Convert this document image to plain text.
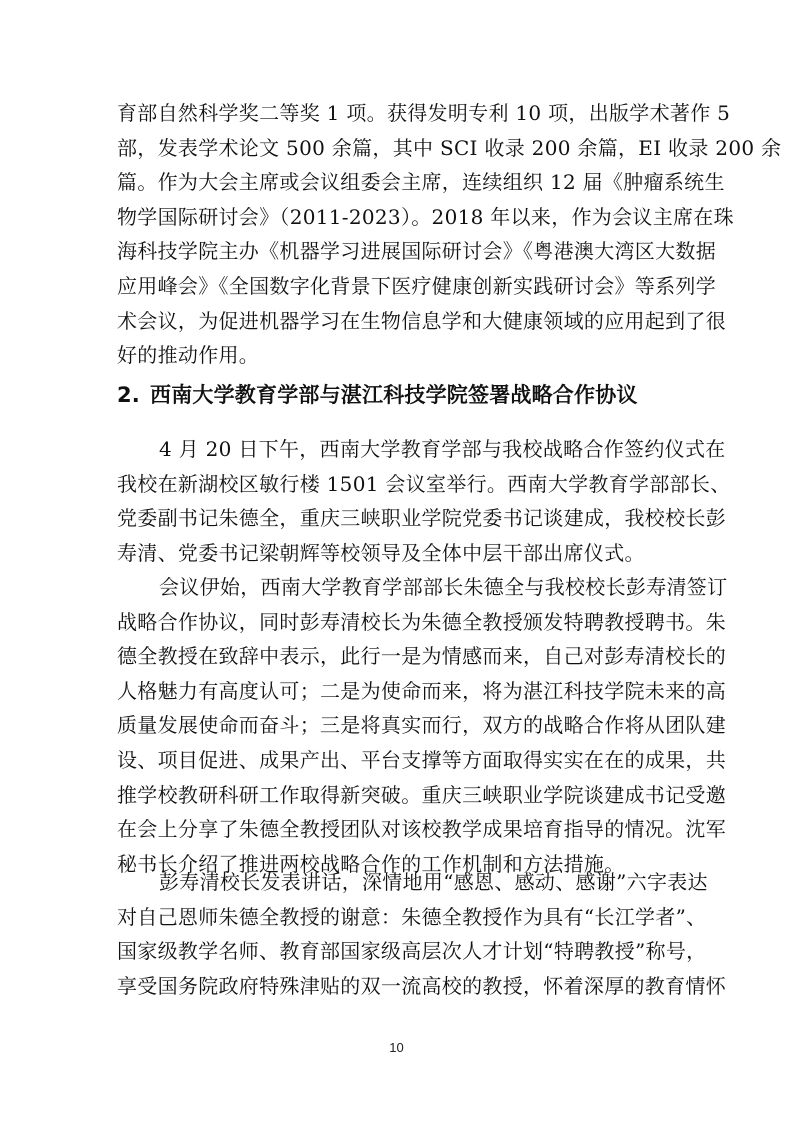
育部自然科学奖二等奖 1 项。获得发明专利 10 项，出版学术著作 5
部，发表学术论文 500 余篇，其中 SCI 收录 200 余篇，EI 收录 200 余
篇。作为大会主席或会议组委会主席，连续组织 12 届《肿瘤系统生
物学国际研讨会》（2011-2023）。2018 年以来，作为会议主席在珠
海科技学院主办《机器学习进展国际研讨会》《粤港澳大湾区大数据
应用峰会》《全国数字化背景下医疗健康创新实践研讨会》等系列学
术会议，为促进机器学习在生物信息学和大健康领域的应用起到了很
好的推动作用。
2. 西南大学教育学部与湛江科技学院签署战略合作协议
4 月 20 日下午，西南大学教育学部与我校战略合作签约仪式在
我校在新湖校区敏行楼 1501 会议室举行。西南大学教育学部部长、
党委副书记朱德全，重庆三峡职业学院党委书记谈建成，我校校长彭
寿清、党委书记梁朝辉等校领导及全体中层干部出席仪式。
会议伊始，西南大学教育学部部长朱德全与我校校长彭寿清签订
战略合作协议，同时彭寿清校长为朱德全教授颁发特聘教授聘书。朱
德全教授在致辞中表示，此行一是为情感而来，自己对彭寿清校长的
人格魅力有高度认可；二是为使命而来，将为湛江科技学院未来的高
质量发展使命而奋斗；三是将真实而行，双方的战略合作将从团队建
设、项目促进、成果产出、平台支撑等方面取得实实在在的成果，共
推学校教研科研工作取得新突破。重庆三峡职业学院谈建成书记受邀
在会上分享了朱德全教授团队对该校教学成果培育指导的情况。沈军
秘书长介绍了推进两校战略合作的工作机制和方法措施。
彭寿清校长发表讲话，深情地用“感恩、感动、感谢”六字表达
对自己恩师朱德全教授的谢意：朱德全教授作为具有“长江学者”、
国家级教学名师、教育部国家级高层次人才计划“特聘教授”称号，
享受国务院政府特殊津贴的双一流高校的教授，怀着深厚的教育情怀
10
